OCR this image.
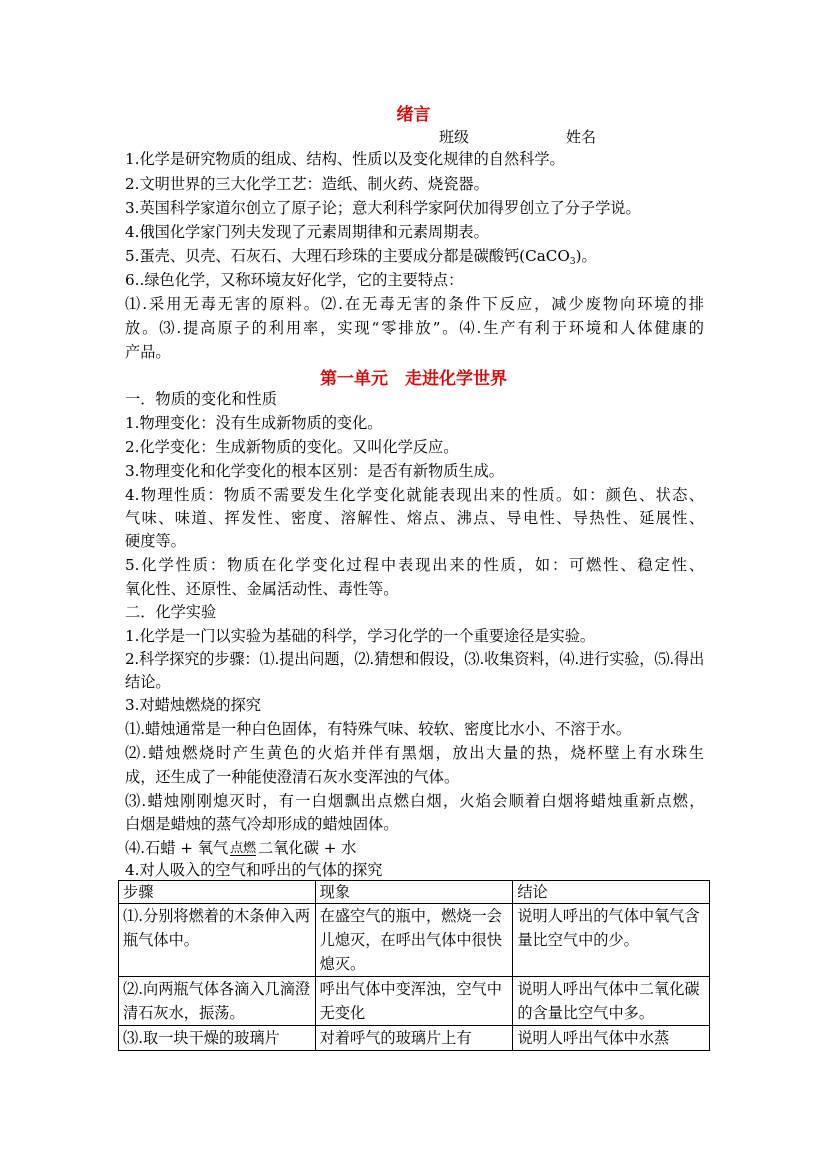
绪言
班级	姓名
1.化学是研究物质的组成、结构、性质以及变化规律的自然科学。
2.文明世界的三大化学工艺：造纸、制火药、烧瓷器。
3.英国科学家道尔创立了原子论；意大利科学家阿伏加得罗创立了分子学说。
4.俄国化学家门列夫发现了元素周期律和元素周期表。
5.蛋壳、贝壳、石灰石、大理石珍珠的主要成分都是碳酸钙(CaCO$_3$)。
6..绿色化学，又称环境友好化学，它的主要特点：
⑴.采用无毒无害的原料。⑵.在无毒无害的条件下反应，减少废物向环境的排
放。⑶.提高原子的利用率，实现“零排放”。⑷.生产有利于环境和人体健康的
产品。
第一单元　走进化学世界
一．物质的变化和性质
1.物理变化：没有生成新物质的变化。
2.化学变化：生成新物质的变化。又叫化学反应。
3.物理变化和化学变化的根本区别：是否有新物质生成。
4.物理性质：物质不需要发生化学变化就能表现出来的性质。如：颜色、状态、
气味、味道、挥发性、密度、溶解性、熔点、沸点、导电性、导热性、延展性、
硬度等。
5.化学性质：物质在化学变化过程中表现出来的性质，如：可燃性、稳定性、
氧化性、还原性、金属活动性、毒性等。
二．化学实验
1.化学是一门以实验为基础的科学，学习化学的一个重要途径是实验。
2.科学探究的步骤：⑴.提出问题，⑵.猜想和假设，⑶.收集资料，⑷.进行实验，⑸.得出
结论。
3.对蜡烛燃烧的探究
⑴.蜡烛通常是一种白色固体，有特殊气味、较软、密度比水小、不溶于水。
⑵.蜡烛燃烧时产生黄色的火焰并伴有黑烟，放出大量的热，烧杯壁上有水珠生
成，还生成了一种能使澄清石灰水变浑浊的气体。
⑶.蜡烛刚刚熄灭时，有一白烟飘出点燃白烟，火焰会顺着白烟将蜡烛重新点燃，
白烟是蜡烛的蒸气冷却形成的蜡烛固体。
⑷.石蜡 + 氧气 点燃 二氧化碳 + 水
4.对人吸入的空气和呼出的气体的探究
步骤	现象	结论
⑴.分别将燃着的木条伸入两瓶气体中。	在盛空气的瓶中，燃烧一会儿熄灭，在呼出气体中很快熄灭。	说明人呼出的气体中氧气含量比空气中的少。
⑵.向两瓶气体各滴入几滴澄清石灰水，振荡。	呼出气体中变浑浊，空气中无变化	说明人呼出气体中二氧化碳的含量比空气中多。
⑶.取一块干燥的玻璃片	对着呼气的玻璃片上有	说明人呼出气体中水蒸
